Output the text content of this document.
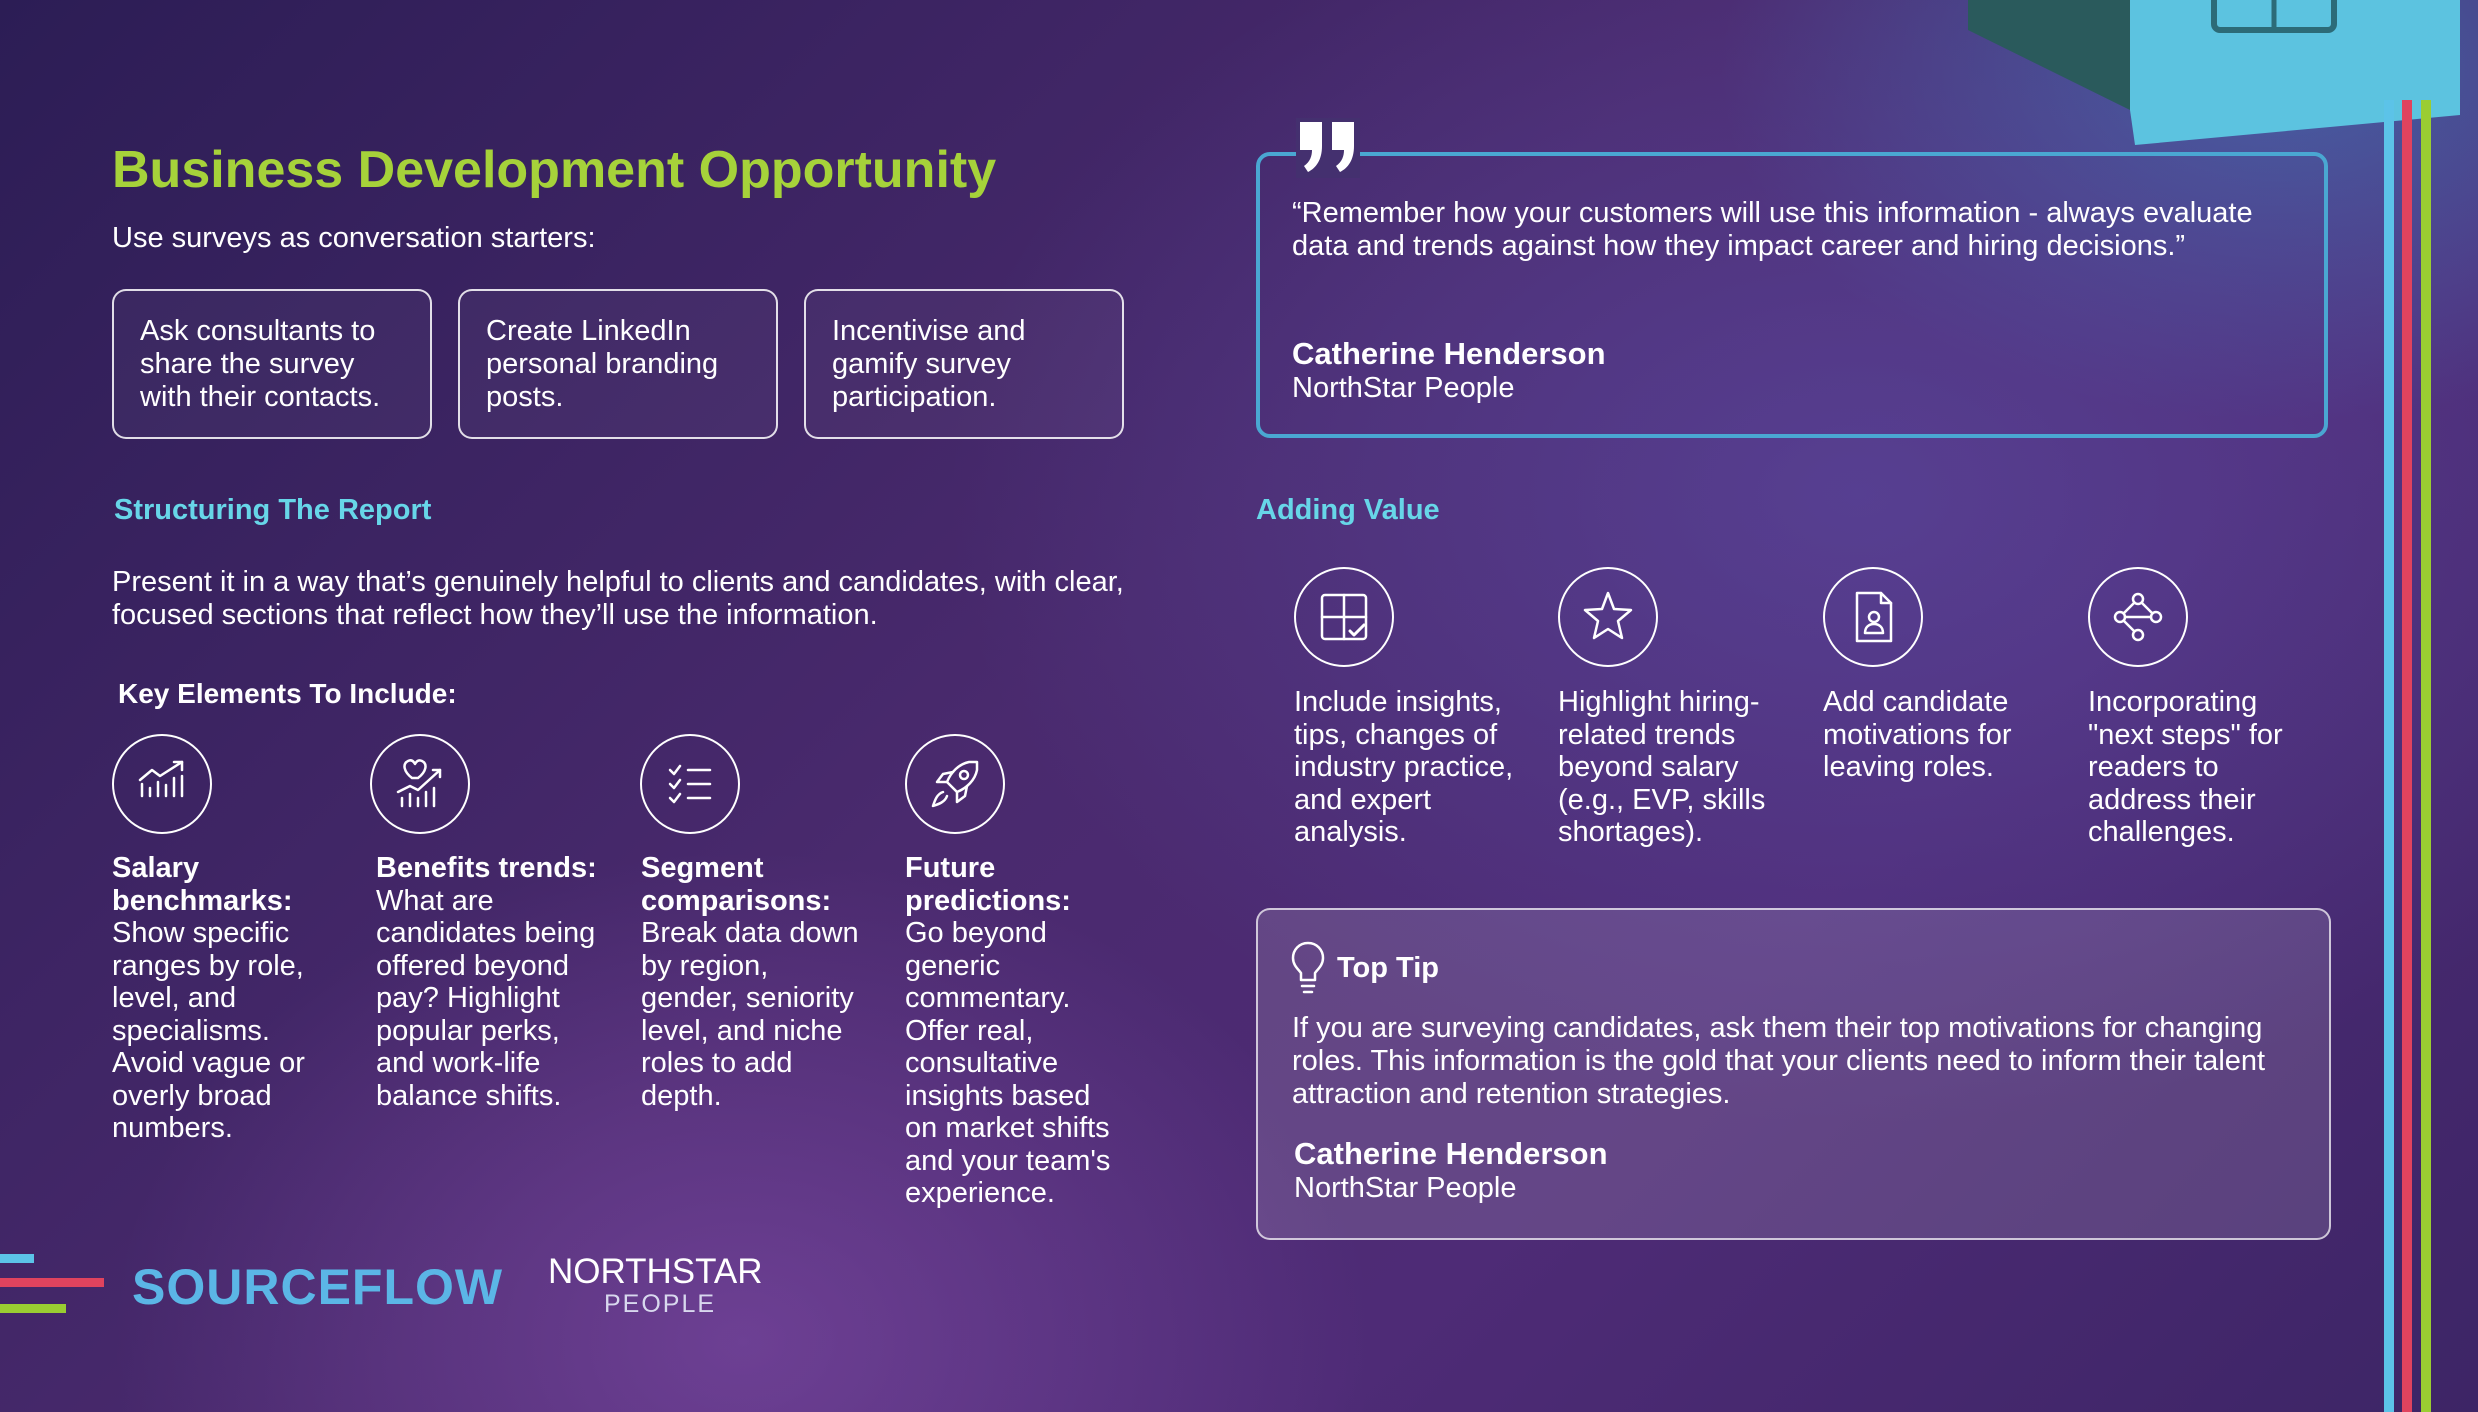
Business Development Opportunity
Use surveys as conversation starters:
Ask consultants to share the survey with their contacts.
Create LinkedIn personal branding posts.
Incentivise and gamify survey participation.
Structuring The Report
Present it in a way that’s genuinely helpful to clients and candidates, with clear, focused sections that reflect how they’ll use the information.
Key Elements To Include:
Salary benchmarks:
Show specific ranges by role, level, and specialisms. Avoid vague or overly broad numbers.
Benefits trends:
What are candidates being offered beyond pay? Highlight popular perks, and work-life balance shifts.
Segment comparisons:
Break data down by region, gender, seniority level, and niche roles to add depth.
Future predictions:
Go beyond generic commentary. Offer real, consultative insights based on market shifts and your team's experience.
“Remember how your customers will use this information - always evaluate data and trends against how they impact career and hiring decisions.”
Catherine Henderson
NorthStar People
Adding Value
Include insights, tips, changes of industry practice, and expert analysis.
Highlight hiring-related trends beyond salary (e.g., EVP, skills shortages).
Add candidate motivations for leaving roles.
Incorporating "next steps" for readers to address their challenges.
Top Tip
If you are surveying candidates, ask them their top motivations for changing roles. This information is the gold that your clients need to inform their talent attraction and retention strategies.
Catherine Henderson
NorthStar People
SOURCEFLOW NORTHSTAR
PEOPLE
